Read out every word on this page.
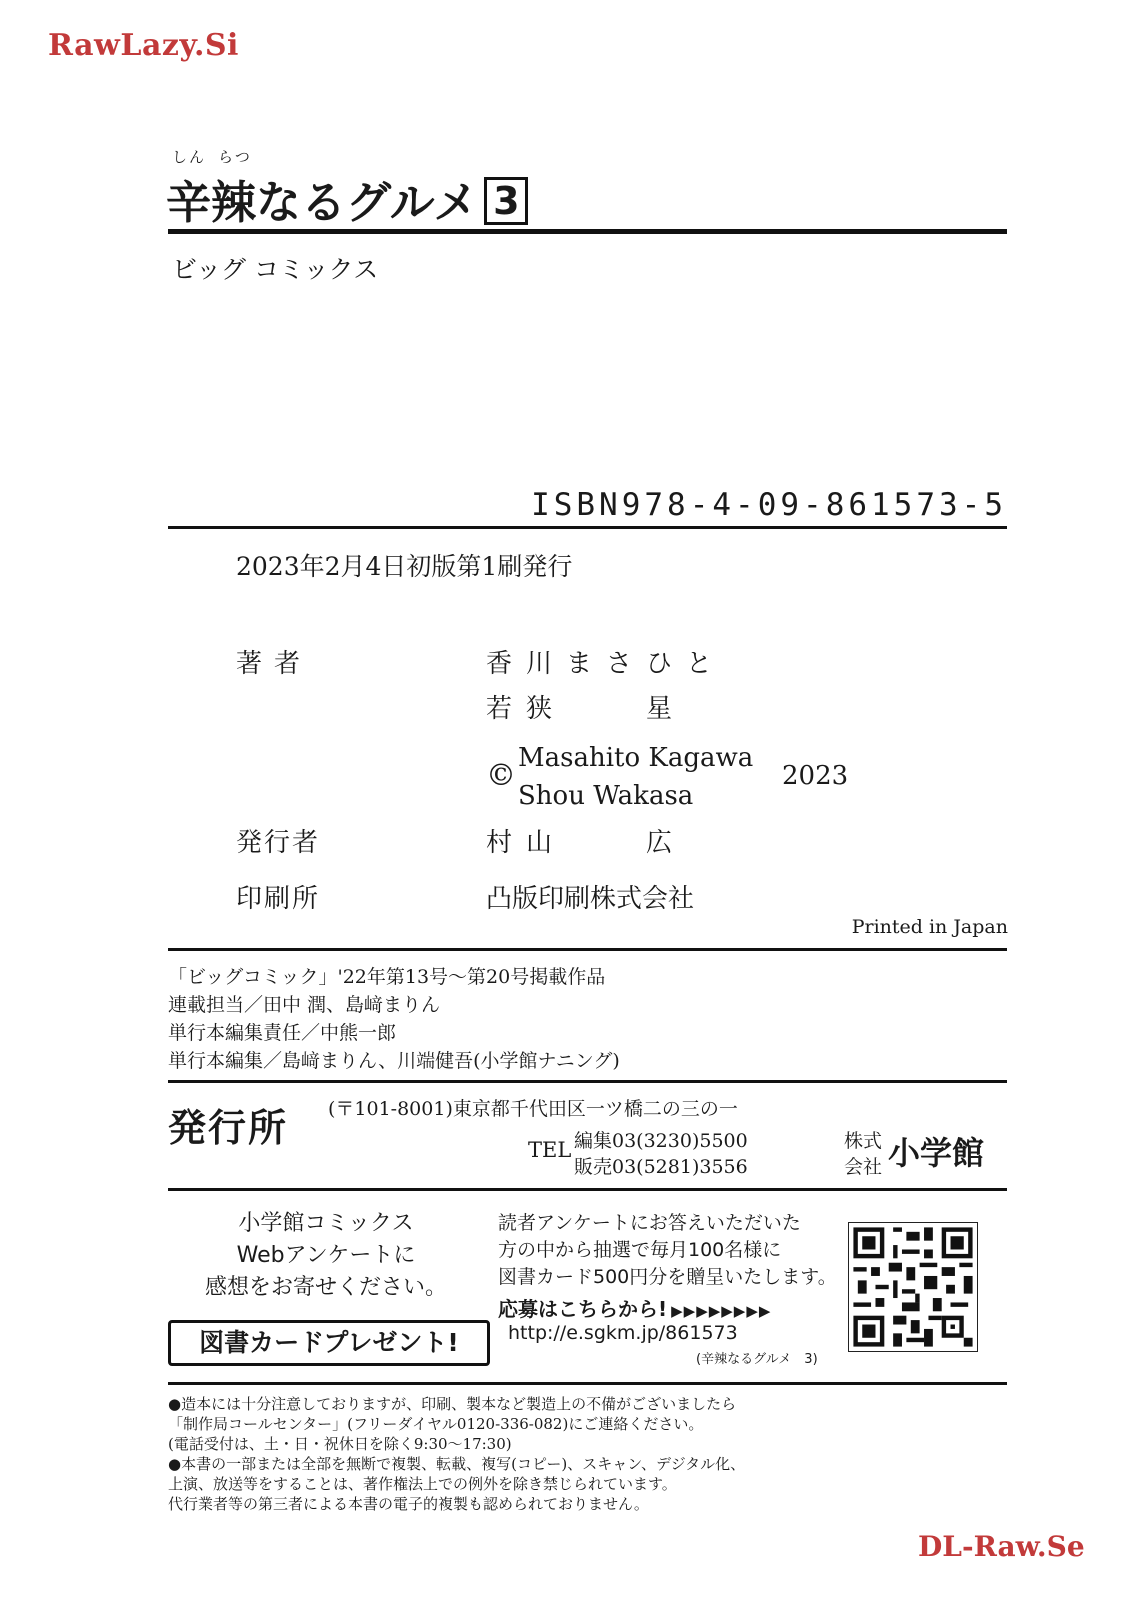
RawLazy.Si
しん らつ
辛辣なるグルメ 3
ビッグ コミックス
ISBN978-4-09-861573-5
2023年2月4日初版第1刷発行
著者	香川まさひと
若狭　　星
© Masahito Kagawa
Shou Wakasa
2023
発行者	村山　　広
印刷所	凸版印刷株式会社
Printed in Japan
「ビッグコミック」'22年第13号〜第20号掲載作品
連載担当／田中 潤、島﨑まりん
単行本編集責任／中熊一郎
単行本編集／島﨑まりん、川端健吾(小学館ナニング)
発行所 (〒101-8001)東京都千代田区一ツ橋二の三の一
TEL 編集03(3230)5500
販売03(5281)3556
株式
会社 小学館
小学館コミックス
Webアンケートに
感想をお寄せください。
図書カードプレゼント!
読者アンケートにお答えいただいた
方の中から抽選で毎月100名様に
図書カード500円分を贈呈いたします。
応募はこちらから! ▶▶▶▶▶▶▶▶
http://e.sgkm.jp/861573
(辛辣なるグルメ　3)
●造本には十分注意しておりますが、印刷、製本など製造上の不備がございましたら
「制作局コールセンター」(フリーダイヤル0120-336-082)にご連絡ください。
(電話受付は、土・日・祝休日を除く9:30〜17:30)
●本書の一部または全部を無断で複製、転載、複写(コピー)、スキャン、デジタル化、
上演、放送等をすることは、著作権法上での例外を除き禁じられています。
代行業者等の第三者による本書の電子的複製も認められておりません。
DL-Raw.Se
